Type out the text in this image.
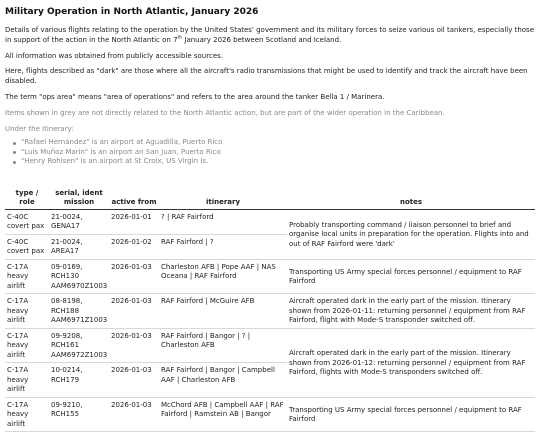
Military Operation in North Atlantic, January 2026

Details of various flights relating to the operation by the United States' government and its military forces to seize various oil tankers, especially those in support of the action in the North Atlantic on 7th January 2026 between Scotland and Iceland.

All information was obtained from publicly accessible sources.

Here, flights described as "dark" are those where all the aircraft's radio transmissions that might be used to identify and track the aircraft have been disabled.

The term "ops area" means "area of operations" and refers to the area around the tanker Bella 1 / Marinera.

Items shown in grey are not directly related to the North Atlantic action, but are part of the wider operation in the Caribbean.

Under the itinerary:

"Rafael Hernández" is an airport at Aguadilla, Puerto Rico
"Luis Muñoz Marín" is an airport an San Juan, Puerto Rico
"Henry Rohlsen" is an airport at St Croix, US Virgin Is.
type / role	serial, ident mission	active from	itinerary	notes

C-40C
covert pax	21-0024, GENA17	2026-01-01	? | RAF Fairford	Probably transporting command / liaison personnel to brief and organise local units in preparation for the operation. Flights into and out of RAF Fairford were 'dark'

C-40C
covert pax	21-0024, AREA17	2026-01-02	RAF Fairford | ?	

C-17A
heavy airlift	09-0169, RCH130 AAM6970Z1003	2026-01-03	Charleston AFB | Pope AAF | NAS Oceana | RAF Fairford	Transporting US Army special forces personnel / equipment to RAF Fairford

C-17A
heavy airlift	08-8198, RCH188 AAM6971Z1003	2026-01-03	RAF Fairford | McGuire AFB	Aircraft operated dark in the early part of the mission. Itinerary shown from 2026-01-11: returning personnel / equipment from RAF Fairford, flight with Mode-S transponder switched off.

C-17A
heavy airlift	09-9208, RCH161 AAM6972Z1003	2026-01-03	RAF Fairford | Bangor | ? | Charleston AFB	Aircraft operated dark in the early part of the mission. Itinerary shown from 2026-01-12: returning personnel / equipment from RAF Fairford, flights with Mode-S transponders switched off.

C-17A
heavy airlift	10-0214, RCH179	2026-01-03	RAF Fairford | Bangor | Campbell AAF | Charleston AFB	

C-17A
heavy airlift	09-9210, RCH155	2026-01-03	McChord AFB | Campbell AAF | RAF Fairford | Ramstein AB | Bangor	Transporting US Army special forces personnel / equipment to RAF Fairford
